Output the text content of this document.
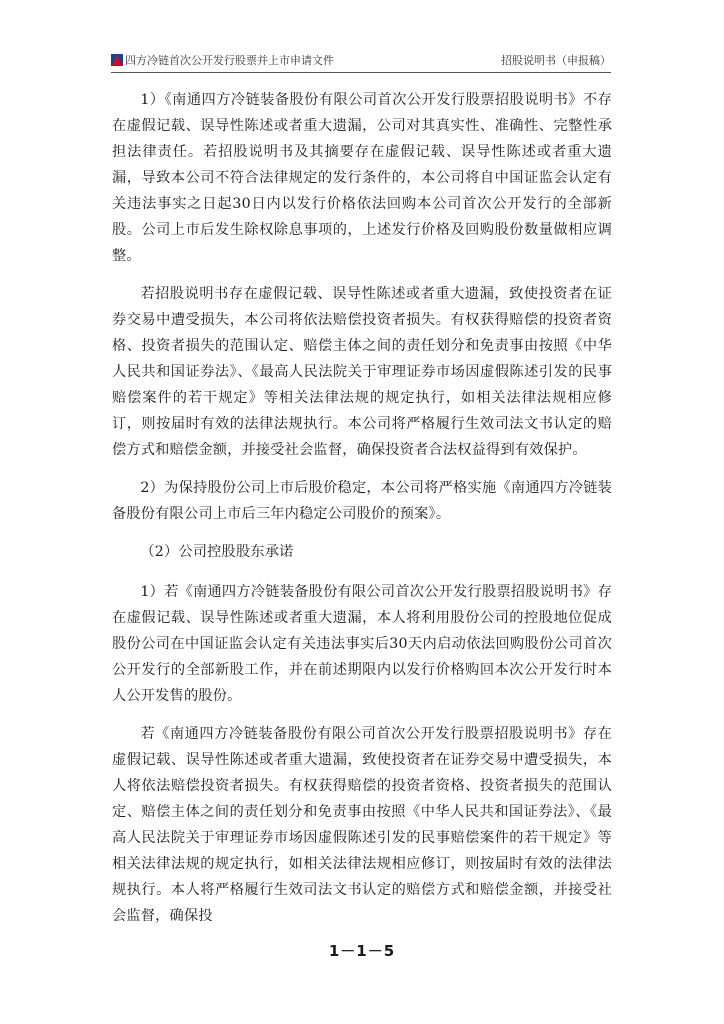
四方冷链首次公开发行股票并上市申请文件	招股说明书（申报稿）

1）《南通四方冷链装备股份有限公司首次公开发行股票招股说明书》不存在虚假记载、误导性陈述或者重大遗漏，公司对其真实性、准确性、完整性承担法律责任。若招股说明书及其摘要存在虚假记载、误导性陈述或者重大遗漏，导致本公司不符合法律规定的发行条件的，本公司将自中国证监会认定有关违法事实之日起30日内以发行价格依法回购本公司首次公开发行的全部新股。公司上市后发生除权除息事项的，上述发行价格及回购股份数量做相应调整。

若招股说明书存在虚假记载、误导性陈述或者重大遗漏，致使投资者在证券交易中遭受损失，本公司将依法赔偿投资者损失。有权获得赔偿的投资者资格、投资者损失的范围认定、赔偿主体之间的责任划分和免责事由按照《中华人民共和国证券法》、《最高人民法院关于审理证券市场因虚假陈述引发的民事赔偿案件的若干规定》等相关法律法规的规定执行，如相关法律法规相应修订，则按届时有效的法律法规执行。本公司将严格履行生效司法文书认定的赔偿方式和赔偿金额，并接受社会监督，确保投资者合法权益得到有效保护。

2）为保持股份公司上市后股价稳定，本公司将严格实施《南通四方冷链装备股份有限公司上市后三年内稳定公司股价的预案》。

（2）公司控股股东承诺

1）若《南通四方冷链装备股份有限公司首次公开发行股票招股说明书》存在虚假记载、误导性陈述或者重大遗漏，本人将利用股份公司的控股地位促成股份公司在中国证监会认定有关违法事实后30天内启动依法回购股份公司首次公开发行的全部新股工作，并在前述期限内以发行价格购回本次公开发行时本人公开发售的股份。

若《南通四方冷链装备股份有限公司首次公开发行股票招股说明书》存在虚假记载、误导性陈述或者重大遗漏，致使投资者在证券交易中遭受损失，本人将依法赔偿投资者损失。有权获得赔偿的投资者资格、投资者损失的范围认定、赔偿主体之间的责任划分和免责事由按照《中华人民共和国证券法》、《最高人民法院关于审理证券市场因虚假陈述引发的民事赔偿案件的若干规定》等相关法律法规的规定执行，如相关法律法规相应修订，则按届时有效的法律法规执行。本人将严格履行生效司法文书认定的赔偿方式和赔偿金额，并接受社会监督，确保投

1－1－5
